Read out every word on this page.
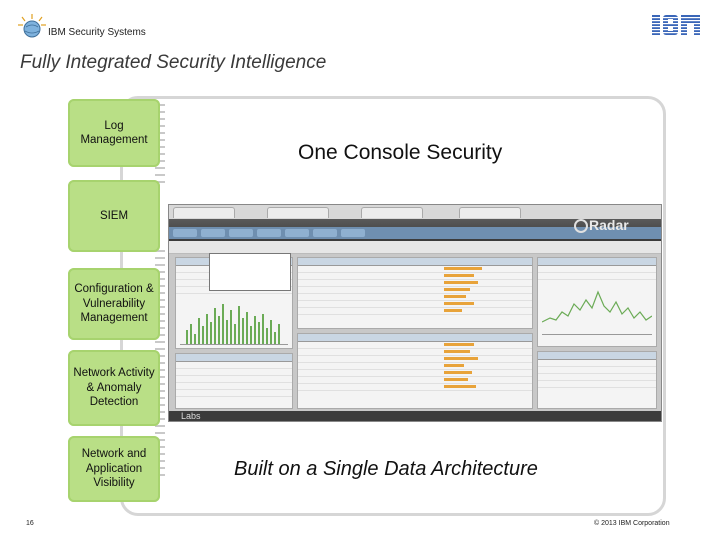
IBM Security Systems
Fully Integrated Security Intelligence
Log Management
SIEM
Configuration & Vulnerability Management
Network Activity & Anomaly Detection
Network and Application Visibility
One Console Security
Radar
Labs
Built on a Single Data Architecture
16	© 2013 IBM Corporation
